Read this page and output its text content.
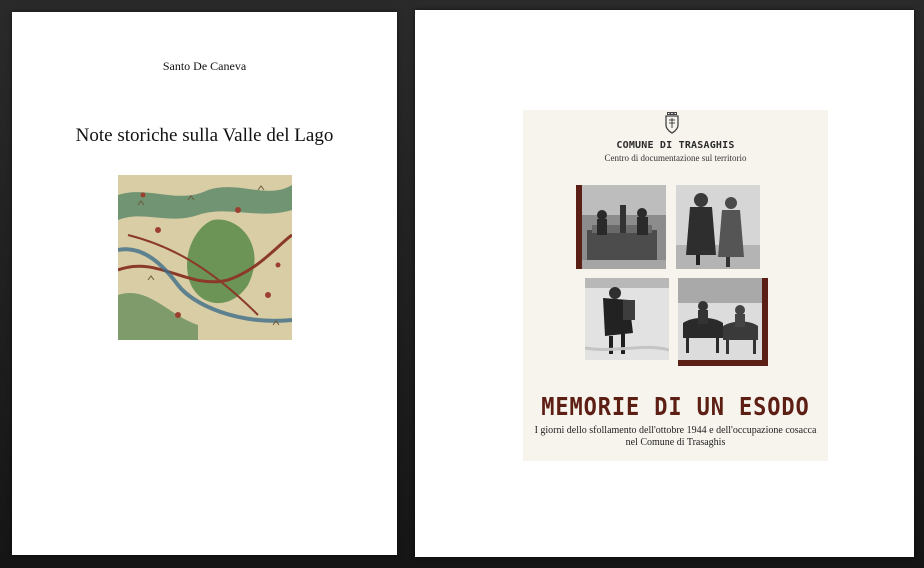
Santo De Caneva
Note storiche sulla Valle del Lago	COMUNE DI TRASAGHIS
Centro di documentazione sul territorio
MEMORIE DI UN ESODO
I giorni dello sfollamento dell'ottobre 1944 e dell'occupazione cosacca
nel Comune di Trasaghis
